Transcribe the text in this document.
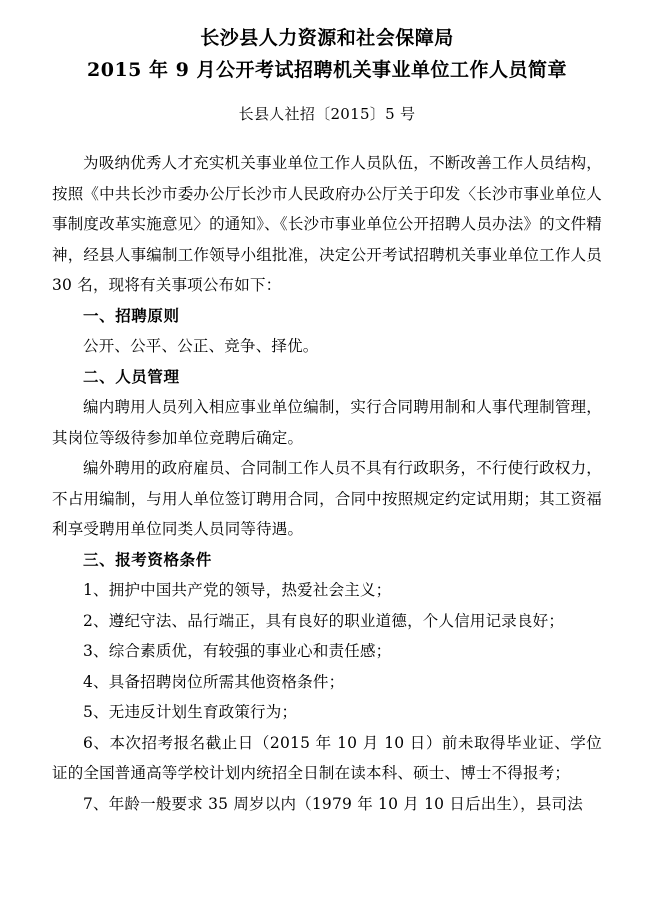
长沙县人力资源和社会保障局
2015 年 9 月公开考试招聘机关事业单位工作人员简章
长县人社招〔2015〕5 号

为吸纳优秀人才充实机关事业单位工作人员队伍，不断改善工作人员结构，按照《中共长沙市委办公厅长沙市人民政府办公厅关于印发〈长沙市事业单位人事制度改革实施意见〉的通知》、《长沙市事业单位公开招聘人员办法》的文件精神，经县人事编制工作领导小组批准，决定公开考试招聘机关事业单位工作人员 30 名，现将有关事项公布如下：

一、招聘原则

公开、公平、公正、竞争、择优。

二、人员管理

编内聘用人员列入相应事业单位编制，实行合同聘用制和人事代理制管理，其岗位等级待参加单位竞聘后确定。

编外聘用的政府雇员、合同制工作人员不具有行政职务，不行使行政权力，不占用编制，与用人单位签订聘用合同，合同中按照规定约定试用期；其工资福利享受聘用单位同类人员同等待遇。

三、报考资格条件

1、拥护中国共产党的领导，热爱社会主义；

2、遵纪守法、品行端正，具有良好的职业道德，个人信用记录良好；

3、综合素质优，有较强的事业心和责任感；

4、具备招聘岗位所需其他资格条件；

5、无违反计划生育政策行为；

6、本次招考报名截止日（2015 年 10 月 10 日）前未取得毕业证、学位证的全国普通高等学校计划内统招全日制在读本科、硕士、博士不得报考；

7、年龄一般要求 35 周岁以内（1979 年 10 月 10 日后出生），县司法
